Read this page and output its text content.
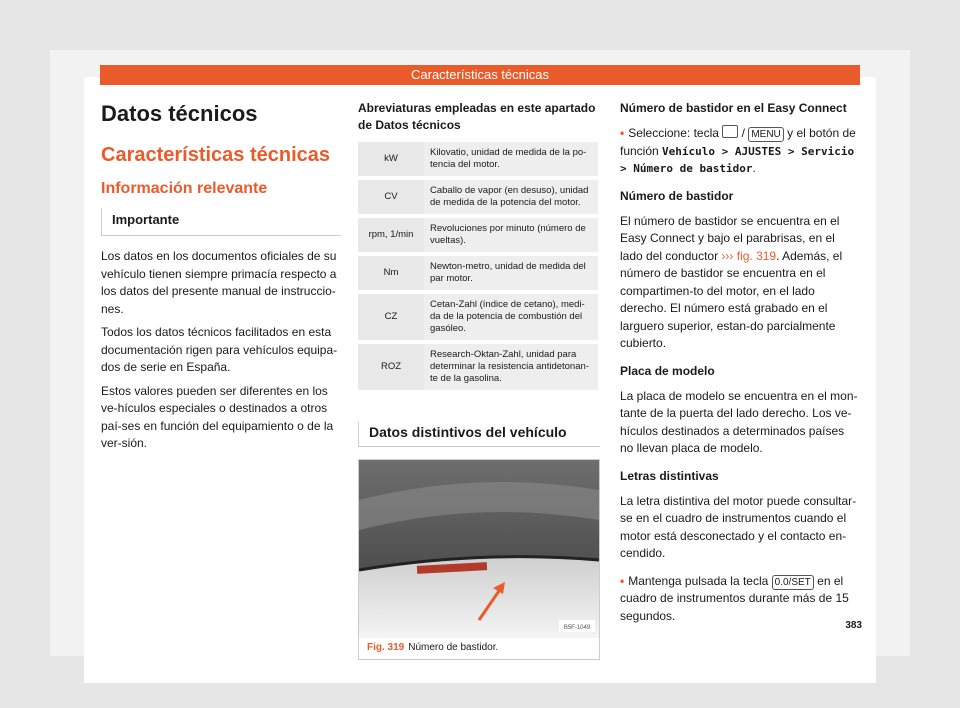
Características técnicas
Datos técnicos
Características técnicas
Información relevante
Importante

Los datos en los documentos oficiales de su vehículo tienen siempre primacía respecto a los datos del presente manual de instruccio-nes.

Todos los datos técnicos facilitados en esta documentación rigen para vehículos equipa-dos de serie en España.

Estos valores pueden ser diferentes en los ve-hículos especiales o destinados a otros paí-ses en función del equipamiento o de la ver-sión.

Abreviaturas empleadas en este apartado de Datos técnicos
kW	Kilovatio, unidad de medida de la po-tencia del motor.
CV	Caballo de vapor (en desuso), unidad de medida de la potencia del motor.
rpm, 1/min	Revoluciones por minuto (número de vueltas).
Nm	Newton-metro, unidad de medida del par motor.
CZ	Cetan-Zahl (índice de cetano), medi-da de la potencia de combustión del gasóleo.
ROZ	Research-Oktan-Zahl, unidad para determinar la resistencia antidetonan-te de la gasolina.
Datos distintivos del vehículo
B5F-1049
Fig. 319 Número de bastidor.
Número de bastidor en el Easy Connect

• Seleccione: tecla / MENU y el botón de función Vehículo > AJUSTES > Servicio > Número de bastidor.

Número de bastidor

El número de bastidor se encuentra en el Easy Connect y bajo el parabrisas, en el lado del conductor ››› fig. 319. Además, el número de bastidor se encuentra en el compartimen-to del motor, en el lado derecho. El número está grabado en el larguero superior, estan-do parcialmente cubierto.

Placa de modelo

La placa de modelo se encuentra en el mon-tante de la puerta del lado derecho. Los ve-hículos destinados a determinados países no llevan placa de modelo.

Letras distintivas

La letra distintiva del motor puede consultar-se en el cuadro de instrumentos cuando el motor está desconectado y el contacto en-cendido.

• Mantenga pulsada la tecla 0.0/SET en el cuadro de instrumentos durante más de 15 segundos.

383
